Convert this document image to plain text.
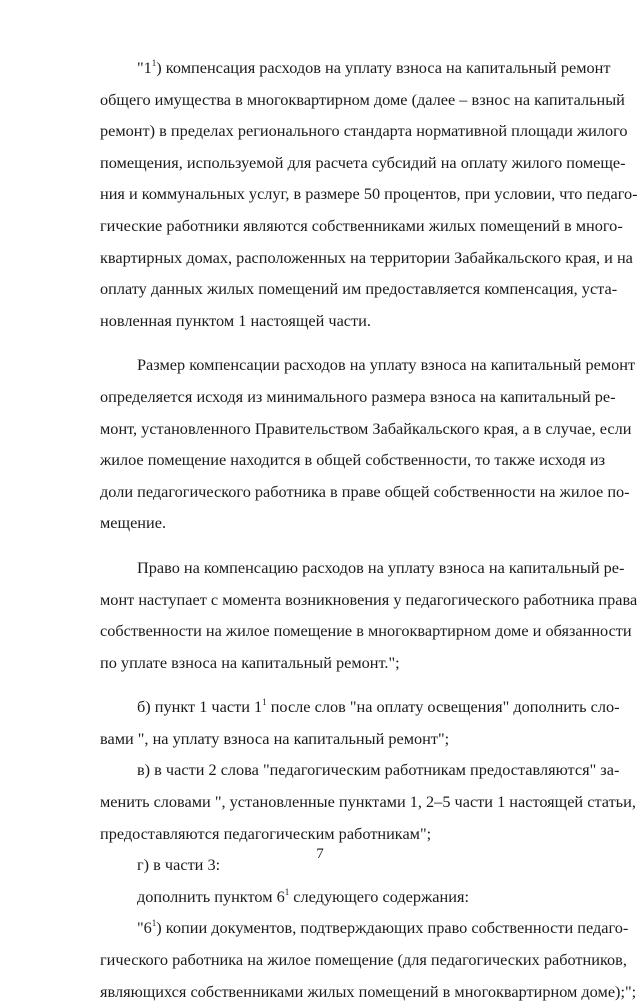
"$1^1$) компенсация расходов на уплату взноса на капитальный ремонт
общего имущества в многоквартирном доме (далее – взнос на капитальный
ремонт) в пределах регионального стандарта нормативной площади жилого
помещения, используемой для расчета субсидий на оплату жилого помеще-
ния и коммунальных услуг, в размере 50 процентов, при условии, что педаго-
гические работники являются собственниками жилых помещений в много-
квартирных домах, расположенных на территории Забайкальского края, и на
оплату данных жилых помещений им предоставляется компенсация, уста-
новленная пунктом 1 настоящей части.
Размер компенсации расходов на уплату взноса на капитальный ремонт
определяется исходя из минимального размера взноса на капитальный ре-
монт, установленного Правительством Забайкальского края, а в случае, если
жилое помещение находится в общей собственности, то также исходя из
доли педагогического работника в праве общей собственности на жилое по-
мещение.
Право на компенсацию расходов на уплату взноса на капитальный ре-
монт наступает с момента возникновения у педагогического работника права
собственности на жилое помещение в многоквартирном доме и обязанности
по уплате взноса на капитальный ремонт.";
б) пункт 1 части $1^1$ после слов "на оплату освещения" дополнить сло-
вами ", на уплату взноса на капитальный ремонт";
в) в части 2 слова "педагогическим работникам предоставляются" за-
менить словами ", установленные пунктами 1, 2–5 части 1 настоящей статьи,
предоставляются педагогическим работникам";
г) в части 3:
дополнить пунктом $6^1$ следующего содержания:
"$6^1$) копии документов, подтверждающих право собственности педаго-
гического работника на жилое помещение (для педагогических работников,
являющихся собственниками жилых помещений в многоквартирном доме);";
7
